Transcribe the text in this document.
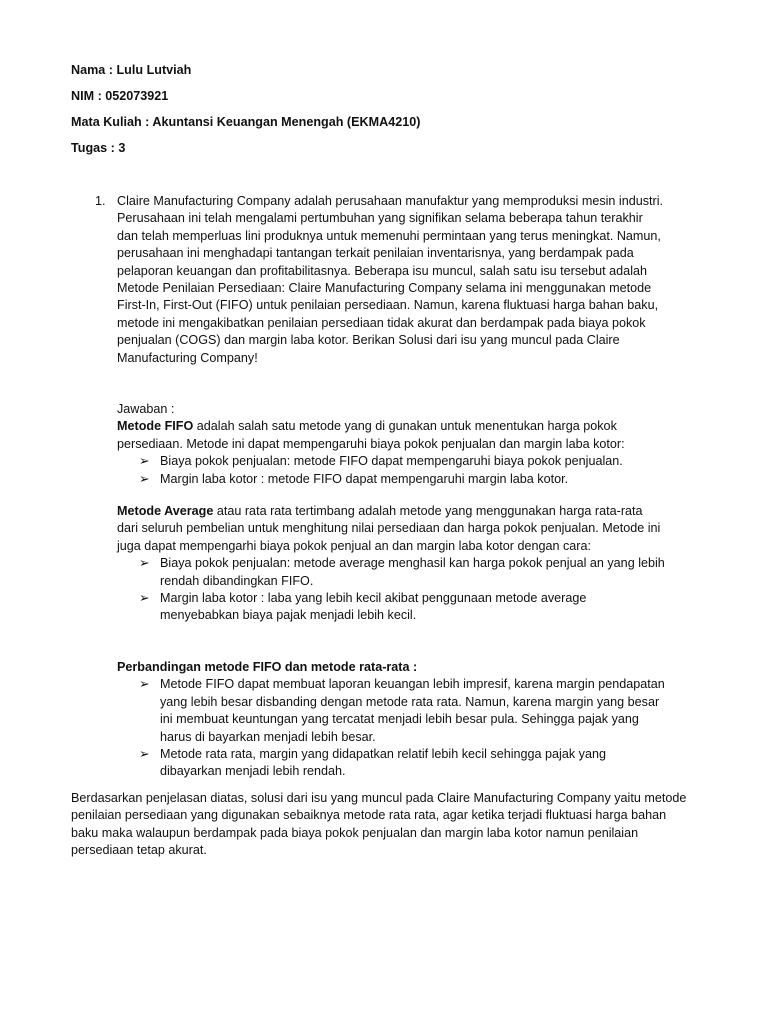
Nama : Lulu Lutviah
NIM : 052073921
Mata Kuliah : Akuntansi Keuangan Menengah (EKMA4210)
Tugas : 3
1. Claire Manufacturing Company adalah perusahaan manufaktur yang memproduksi mesin industri. Perusahaan ini telah mengalami pertumbuhan yang signifikan selama beberapa tahun terakhir dan telah memperluas lini produknya untuk memenuhi permintaan yang terus meningkat. Namun, perusahaan ini menghadapi tantangan terkait penilaian inventarisnya, yang berdampak pada pelaporan keuangan dan profitabilitasnya. Beberapa isu muncul, salah satu isu tersebut adalah Metode Penilaian Persediaan: Claire Manufacturing Company selama ini menggunakan metode First-In, First-Out (FIFO) untuk penilaian persediaan. Namun, karena fluktuasi harga bahan baku, metode ini mengakibatkan penilaian persediaan tidak akurat dan berdampak pada biaya pokok penjualan (COGS) dan margin laba kotor. Berikan Solusi dari isu yang muncul pada Claire Manufacturing Company!

Jawaban :

Metode FIFO adalah salah satu metode yang di gunakan untuk menentukan harga pokok persediaan. Metode ini dapat mempengaruhi biaya pokok penjualan dan margin laba kotor:

➢ Biaya pokok penjualan: metode FIFO dapat mempengaruhi biaya pokok penjualan.
➢ Margin laba kotor : metode FIFO dapat mempengaruhi margin laba kotor.

Metode Average atau rata rata tertimbang adalah metode yang menggunakan harga rata-rata dari seluruh pembelian untuk menghitung nilai persediaan dan harga pokok penjualan. Metode ini juga dapat mempengarhi biaya pokok penjual an dan margin laba kotor dengan cara:

➢ Biaya pokok penjualan: metode average menghasil kan harga pokok penjual an yang lebih rendah dibandingkan FIFO.
➢ Margin laba kotor : laba yang lebih kecil akibat penggunaan metode average menyebabkan biaya pajak menjadi lebih kecil.

Perbandingan metode FIFO dan metode rata-rata :

➢ Metode FIFO dapat membuat laporan keuangan lebih impresif, karena margin pendapatan yang lebih besar disbanding dengan metode rata rata. Namun, karena margin yang besar ini membuat keuntungan yang tercatat menjadi lebih besar pula. Sehingga pajak yang harus di bayarkan menjadi lebih besar.
➢ Metode rata rata, margin yang didapatkan relatif lebih kecil sehingga pajak yang dibayarkan menjadi lebih rendah.
Berdasarkan penjelasan diatas, solusi dari isu yang muncul pada Claire Manufacturing Company yaitu metode penilaian persediaan yang digunakan sebaiknya metode rata rata, agar ketika terjadi fluktuasi harga bahan baku maka walaupun berdampak pada biaya pokok penjualan dan margin laba kotor namun penilaian persediaan tetap akurat.
